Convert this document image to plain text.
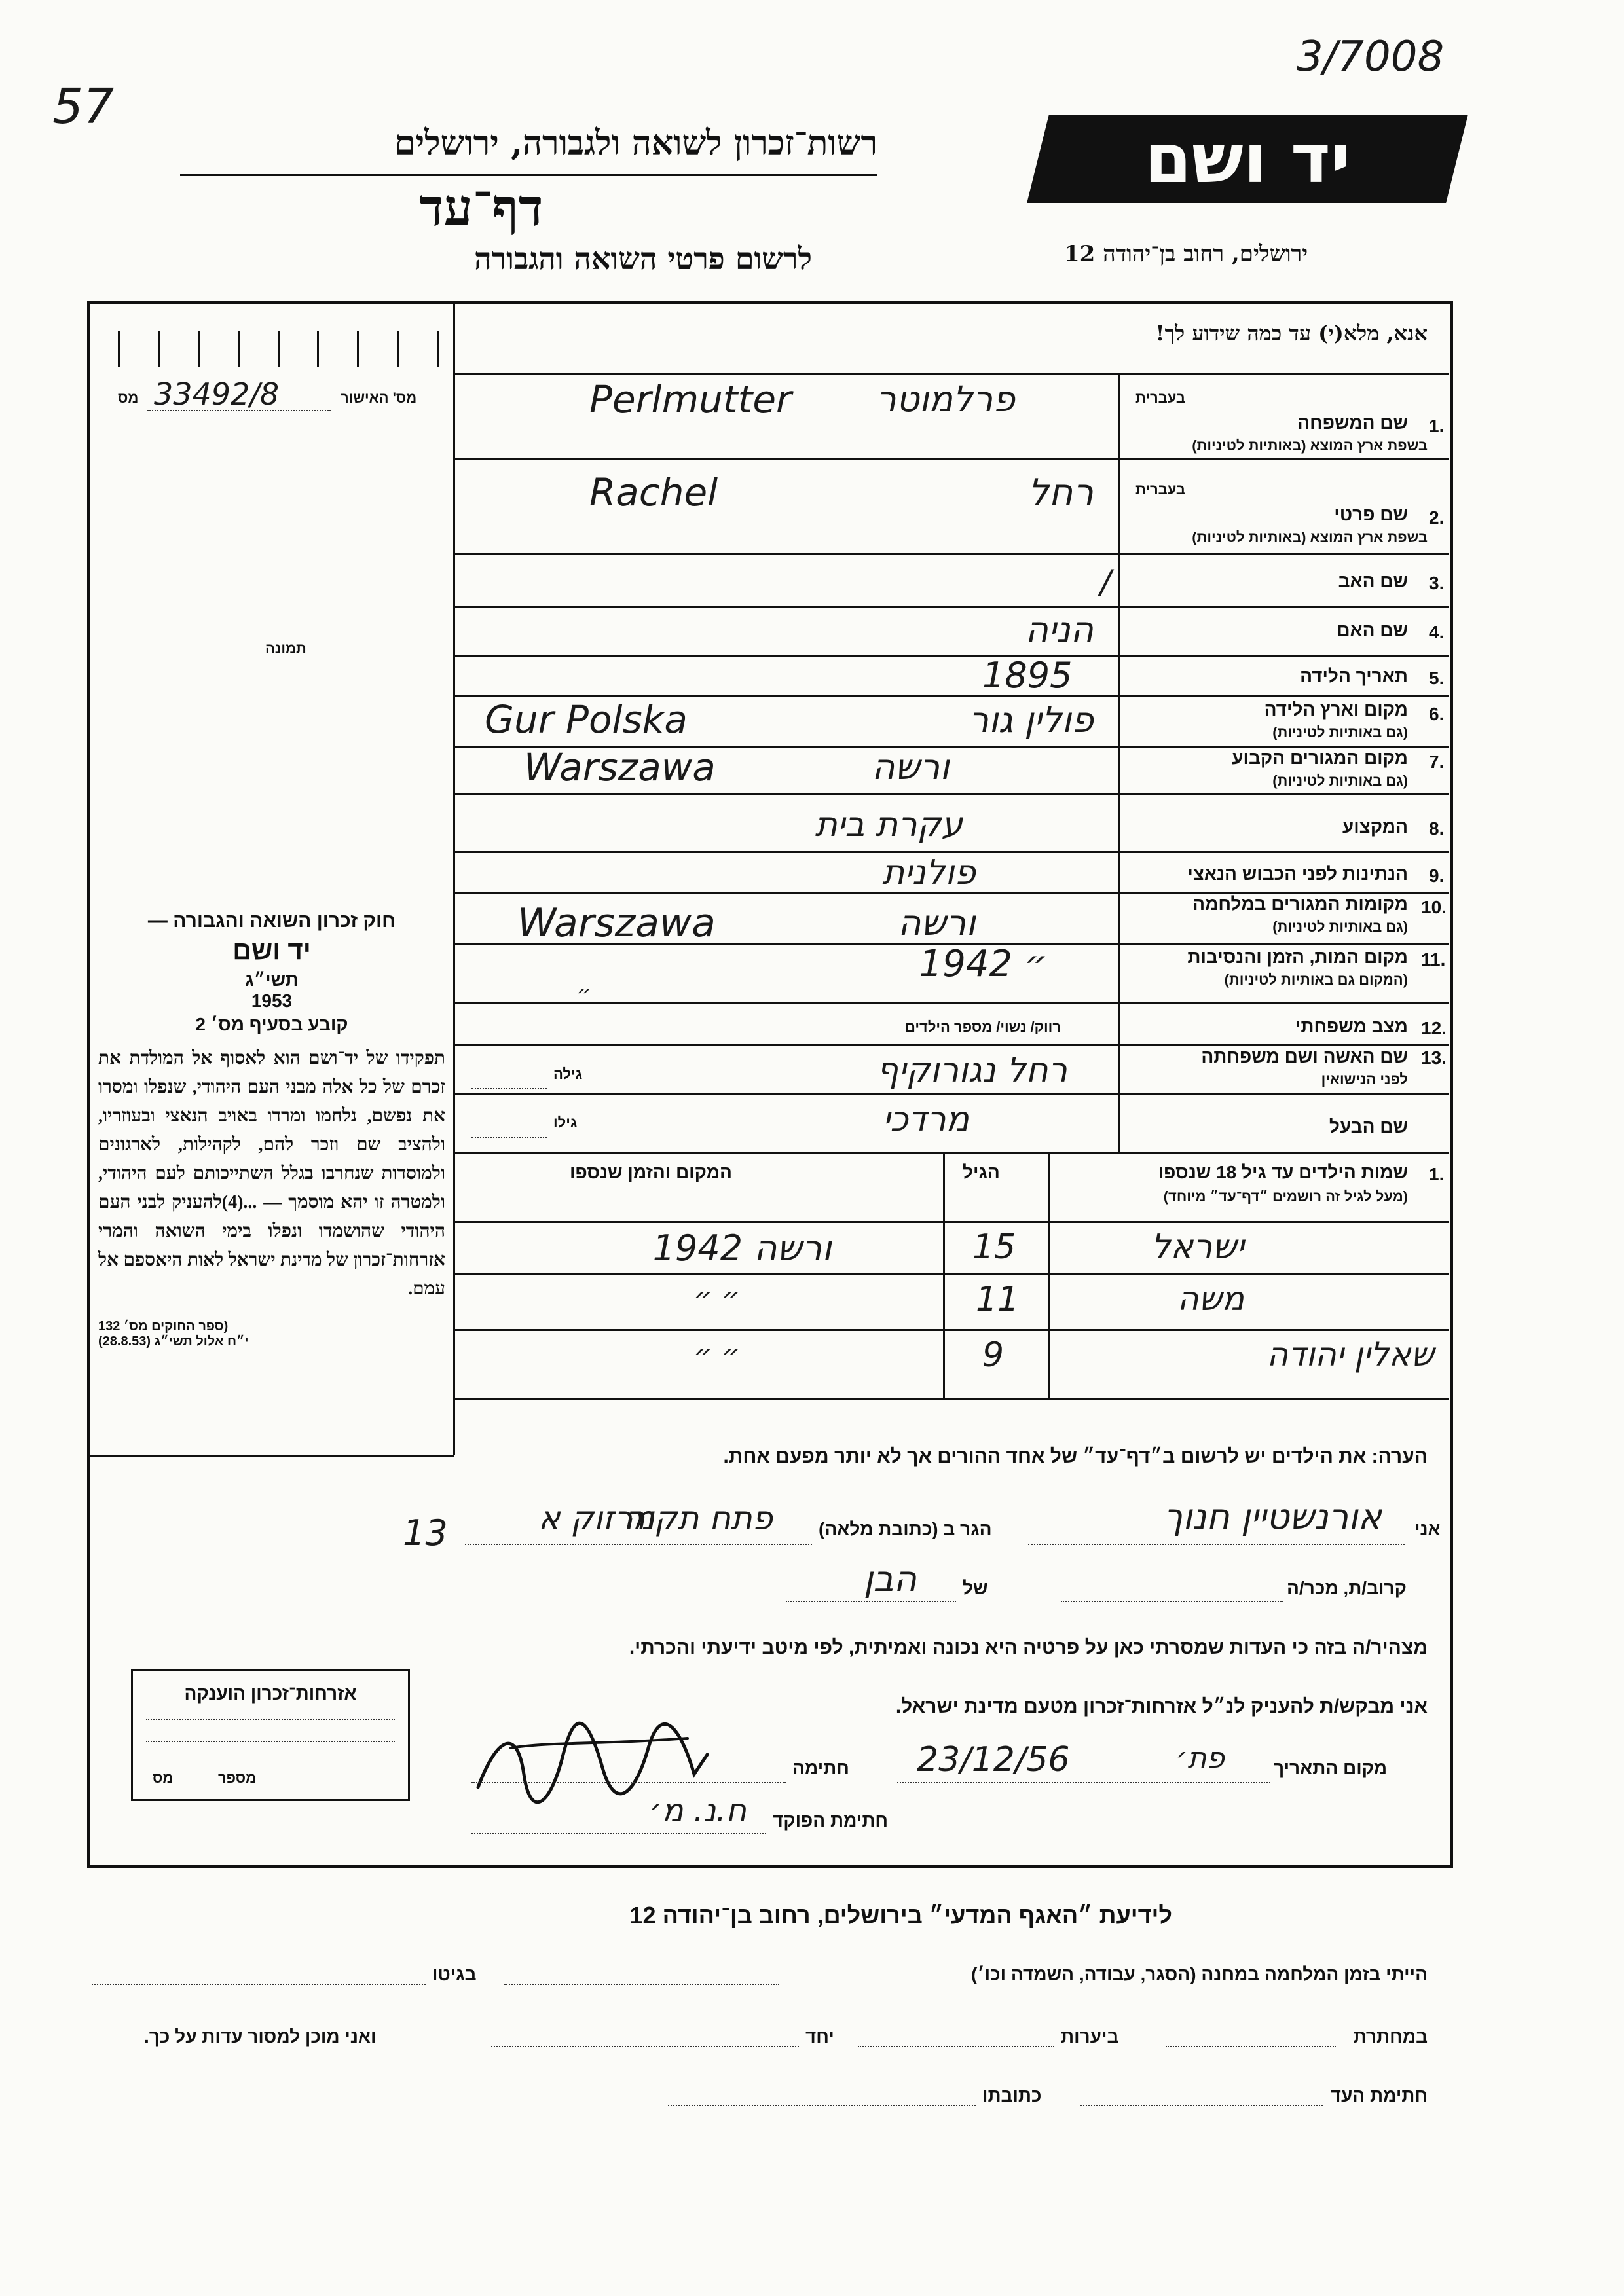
57
3/7008
רשות־זכרון לשואה ולגבורה, ירושלים
דף־עד
לרשום פרטי השואה והגבורה
יד ושם
ירושלים, רחוב בן־יהודה 12
אנא, מלא(י) עד כמה שידוע לך!
33492/8	מס' האישור
מס
תמונה
בעברית
1.
שם המשפחה
בשפת ארץ המוצא (באותיות לטיניות)
פרלמוטר
Perlmutter
בעברית
2.
שם פרטי
בשפת ארץ המוצא (באותיות לטיניות)
רחל
Rachel
3.
שם האב
/
4.
שם האם
הניה
5.
תאריך הלידה
1895
6.
מקום וארץ הלידה
(גם באותיות לטיניות)
פולין גור
Gur Polska
7.
מקום המגורים הקבוע
(גם באותיות לטיניות)
ורשה
Warszawa
8.
המקצוע
עקרת בית
9.
הנתינות לפני הכבוש הנאצי
פולנית
10.
מקומות המגורים במלחמה
(גם באותיות לטיניות)
ורשה
Warszawa
11.
מקום המות, הזמן והנסיבות
(המקום גם באותיות לטיניות)
״ 1942
״
12.
מצב משפחתי
רווק/ נשוי/ מספר הילדים
13.
שם האשה ושם משפחתה
לפני הנישואין
רחל נגורוקיף
גילה
שם הבעל
מרדכי
גילו
1.
שמות הילדים עד גיל 18 שנספו
(מעל לגיל זה רושמים ״דף־עד״ מיוחד)
הגיל
המקום והזמן שנספו
ישראל
15
ורשה 1942
משה
11
״ ״
שאלין יהודה
9
״ ״
הערה: את הילדים יש לרשום ב״דף־עד״ של אחד ההורים אך לא יותר מפעם אחת.
חוק זכרון השואה והגבורה —
יד ושם
תשי״ג
1953
קובע בסעיף מס׳ 2
תפקידו של יד־ושם הוא לאסוף אל המולדת את זכרם של כל אלה מבני העם היהודי, שנפלו ומסרו את נפשם, נלחמו ומרדו באויב הנאצי ובעוזריו, ולהציב שם וזכר להם, לקהילות, לארגונים ולמוסדות שנחרבו בגלל השתייכותם לעם היהודי, ולמטרה זו יהא מוסמך — ...(4)להעניק לבני העם היהודי שהושמדו ונפלו בימי השואה והמרי אזרחות־זכרון של מדינת ישראל לאות היאספם אל עמם.
(ספר החוקים מס׳ 132
י״ח אלול תשי״ג (28.8.53)
אני
אורנשטיין חנוך
הגר ב (כתובת מלאה)
פתח תקוה
מרזוק א
13
קרוב/ת, מכר/ה
של
הבן
מצהיר/ה בזה כי העדות שמסרתי כאן על פרטיה היא נכונה ואמיתית, לפי מיטב ידיעתי והכרתי.
אני מבקש/ת להעניק לנ״ל אזרחות־זכרון מטעם מדינת ישראל.
מקום התאריך
פת׳
23/12/56
חתימה
חתימת הפוקד
ח.נ. מ׳
אזרחות־זכרון הוענקה
מספר
מס
לידיעת ״האגף המדעי״ בירושלים, רחוב בן־יהודה 12
הייתי בזמן המלחמה במחנה (הסגר, עבודה, השמדה וכו׳)
בגיטו
במחתרת
ביערות
יחד
ואני מוכן למסור עדות על כך.
חתימת העד
כתובתו
